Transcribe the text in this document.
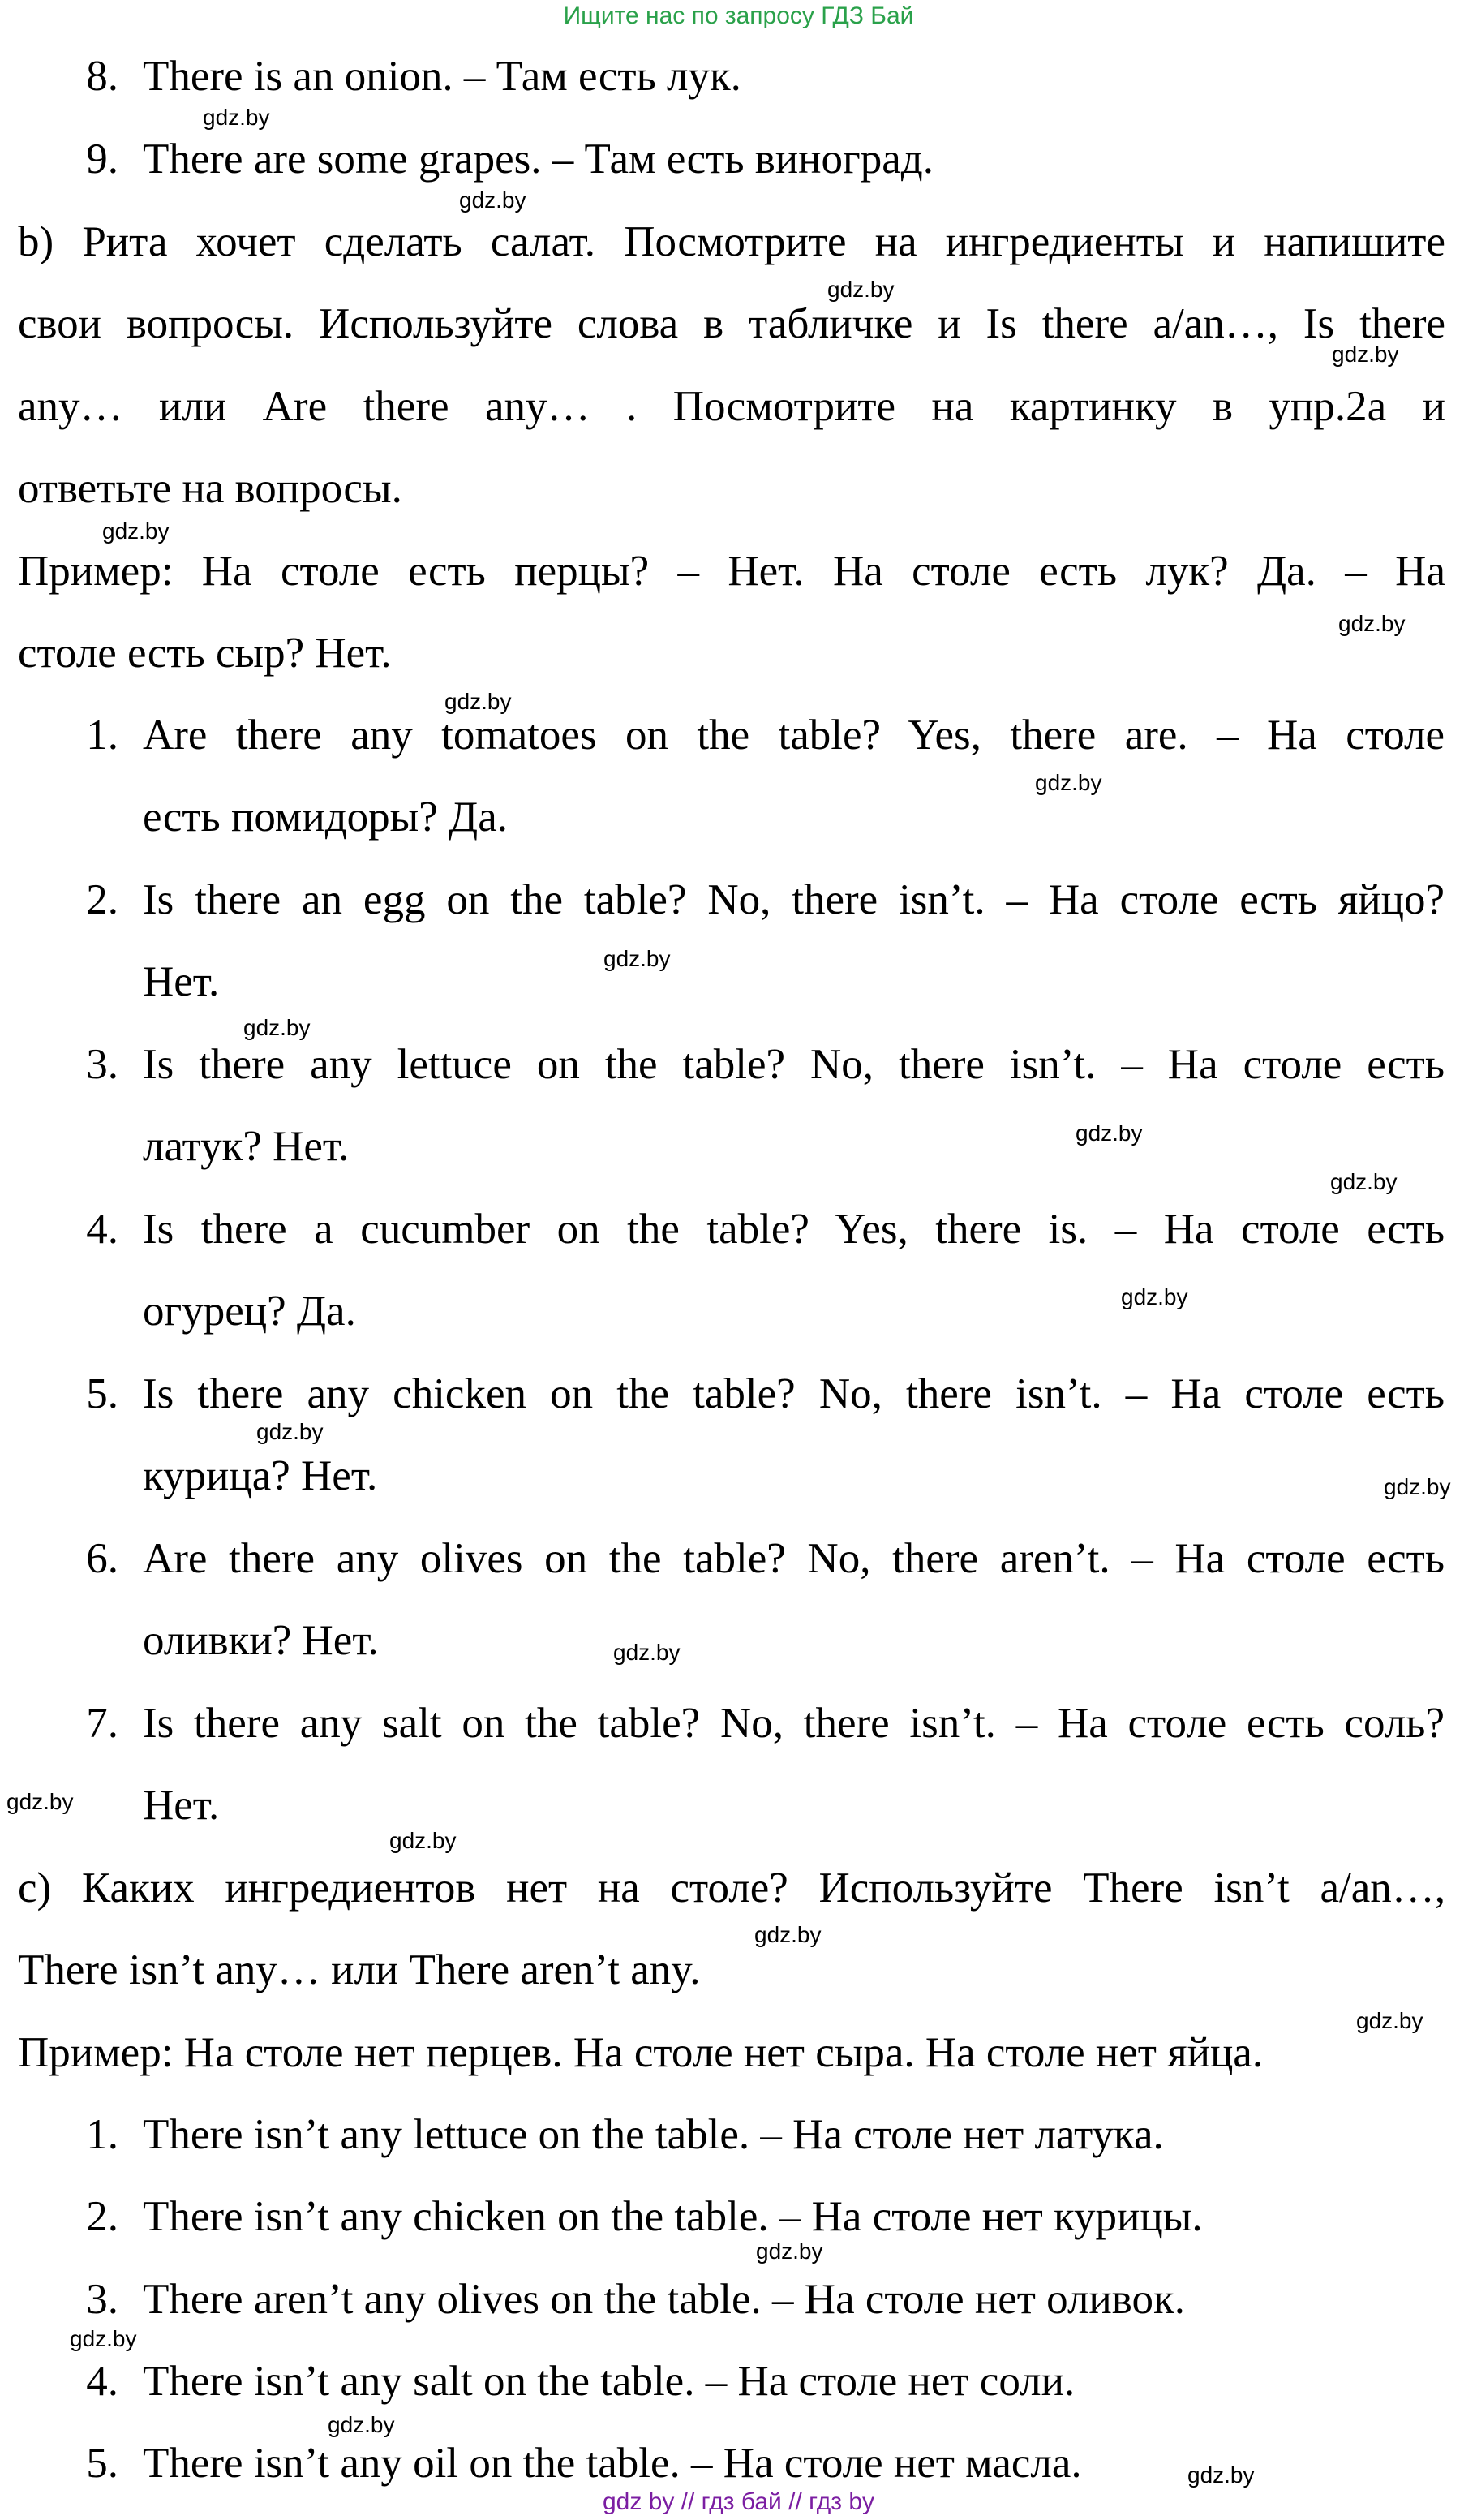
Ищите нас по запросу ГДЗ Бай
8. There is an onion. – Там есть лук.
9. There are some grapes. – Там есть виноград.
b) Рита хочет сделать салат. Посмотрите на ингредиенты и напишите
свои вопросы. Используйте слова в табличке и Is there a/an…, Is there
any… или Are there any… . Посмотрите на картинку в упр.2а и
ответьте на вопросы.
Пример: На столе есть перцы? – Нет. На столе есть лук? Да. – На
столе есть сыр? Нет.
1. Are there any tomatoes on the table? Yes, there are. – На столе
есть помидоры? Да.
2. Is there an egg on the table? No, there isn’t. – На столе есть яйцо?
Нет.
3. Is there any lettuce on the table? No, there isn’t. – На столе есть
латук? Нет.
4. Is there a cucumber on the table? Yes, there is. – На столе есть
огурец? Да.
5. Is there any chicken on the table? No, there isn’t. – На столе есть
курица? Нет.
6. Are there any olives on the table? No, there aren’t. – На столе есть
оливки? Нет.
7. Is there any salt on the table? No, there isn’t. – На столе есть соль?
Нет.
c) Каких ингредиентов нет на столе? Используйте There isn’t a/an…,
There isn’t any… или There aren’t any.
Пример: На столе нет перцев. На столе нет сыра. На столе нет яйца.
1. There isn’t any lettuce on the table. – На столе нет латука.
2. There isn’t any chicken on the table. – На столе нет курицы.
3. There aren’t any olives on the table. – На столе нет оливок.
4. There isn’t any salt on the table. – На столе нет соли.
5. There isn’t any oil on the table. – На столе нет масла.
gdz.by
gdz.by
gdz.by
gdz.by
gdz.by
gdz.by
gdz.by
gdz.by
gdz.by
gdz.by
gdz.by
gdz.by
gdz.by
gdz.by
gdz.by
gdz.by
gdz.by
gdz.by
gdz.by
gdz.by
gdz.by
gdz.by
gdz.by
gdz.by
gdz by // гдз бай // гдз by
